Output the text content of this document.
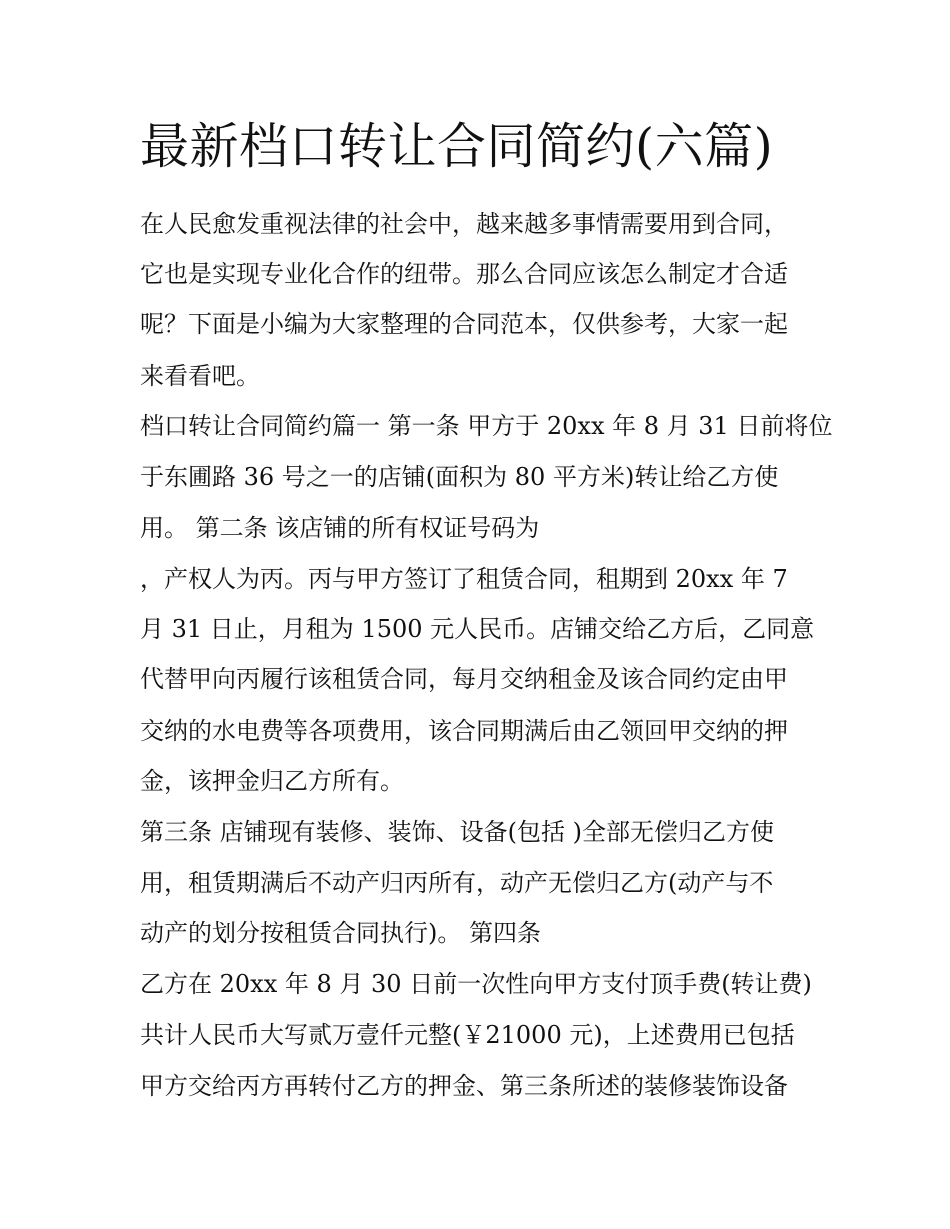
最新档口转让合同简约(六篇)

在人民愈发重视法律的社会中，越来越多事情需要用到合同，

它也是实现专业化合作的纽带。那么合同应该怎么制定才合适

呢？下面是小编为大家整理的合同范本，仅供参考，大家一起

来看看吧。

档口转让合同简约篇一 第一条 甲方于 20xx 年 8 月 31 日前将位

于东圃路 36 号之一的店铺(面积为 80 平方米)转让给乙方使

用。 第二条 该店铺的所有权证号码为

，产权人为丙。丙与甲方签订了租赁合同，租期到 20xx 年 7

月 31 日止，月租为 1500 元人民币。店铺交给乙方后，乙同意

代替甲向丙履行该租赁合同，每月交纳租金及该合同约定由甲

交纳的水电费等各项费用，该合同期满后由乙领回甲交纳的押

金，该押金归乙方所有。

第三条 店铺现有装修、装饰、设备(包括 )全部无偿归乙方使

用，租赁期满后不动产归丙所有，动产无偿归乙方(动产与不

动产的划分按租赁合同执行)。 第四条

乙方在 20xx 年 8 月 30 日前一次性向甲方支付顶手费(转让费)

共计人民币大写贰万壹仟元整(￥21000 元)，上述费用已包括

甲方交给丙方再转付乙方的押金、第三条所述的装修装饰设备
